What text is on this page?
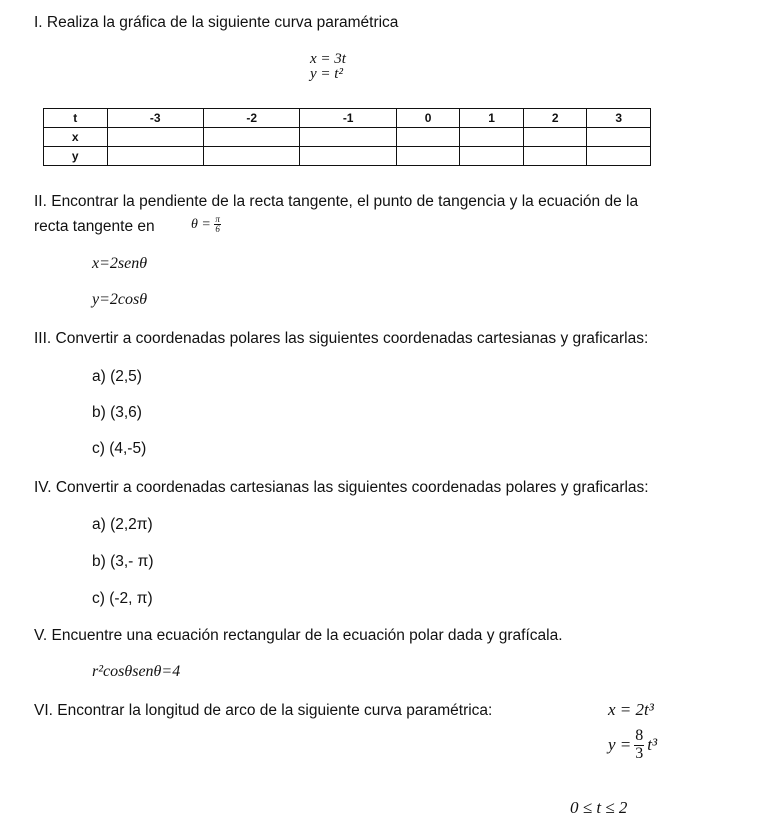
I. Realiza la gráfica de la siguiente curva paramétrica
x = 3t
y = t²
t	-3	-2	-1	0	1	2	3
x							
y							
II. Encontrar la pendiente de la recta tangente, el punto de tangencia y la ecuación de la
recta tangente en	$\theta = \frac{\pi}{6}$
x=2senθ
y=2cosθ
III. Convertir a coordenadas polares las siguientes coordenadas cartesianas y graficarlas:
a) (2,5)
b) (3,6)
c) (4,-5)
IV. Convertir a coordenadas cartesianas las siguientes coordenadas polares y graficarlas:
a) (2,2π)
b) (3,- π)
c) (-2, π)
V. Encuentre una ecuación rectangular de la ecuación polar dada y grafícala.
r²cosθsenθ=4
VI. Encontrar la longitud de arco de la siguiente curva paramétrica:	x = 2t³
$y = \frac{8}{3} t^3$
0 ≤ t ≤ 2
